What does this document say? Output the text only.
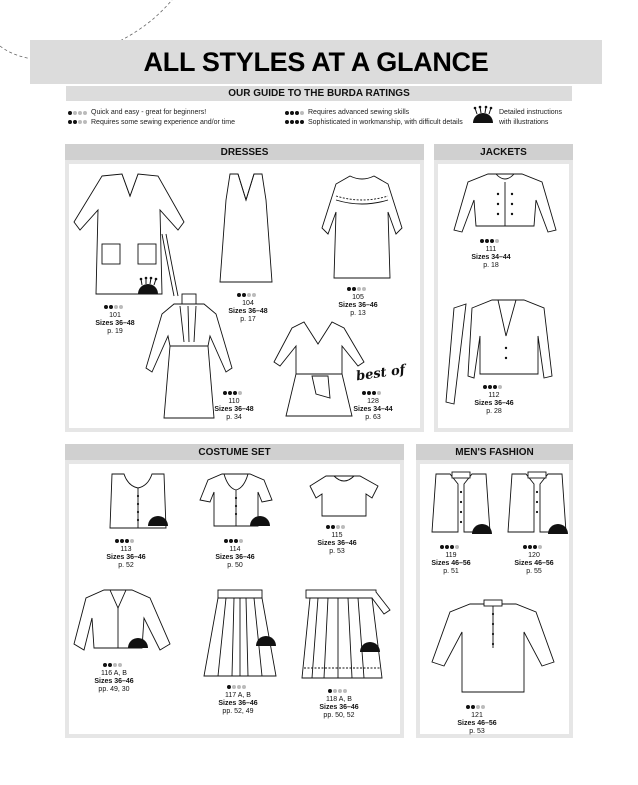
ALL STYLES AT A GLANCE
OUR GUIDE TO THE BURDA RATINGS
Quick and easy - great for beginners!
Requires some sewing experience and/or time
Requires advanced sewing skills
Sophisticated in workmanship, with difficult details
Detailed instructions
with illustrations
DRESSES
101
Sizes 36–48
p. 19
104
Sizes 36–48
p. 17
105
Sizes 36–46
p. 13
110
Sizes 36–48
p. 34
best of
128
Sizes 34–44
p. 63
JACKETS
111
Sizes 34–44
p. 18
112
Sizes 36–46
p. 28
COSTUME SET
113
Sizes 36–46
p. 52
114
Sizes 36–46
p. 50
115
Sizes 36–46
p. 53
116 A, B
Sizes 36–46
pp. 49, 30
117 A, B
Sizes 36–46
pp. 52, 49
118 A, B
Sizes 36–46
pp. 50, 52
MEN'S FASHION
119
Sizes 46–56
p. 51
120
Sizes 46–56
p. 55
121
Sizes 46–56
p. 53
